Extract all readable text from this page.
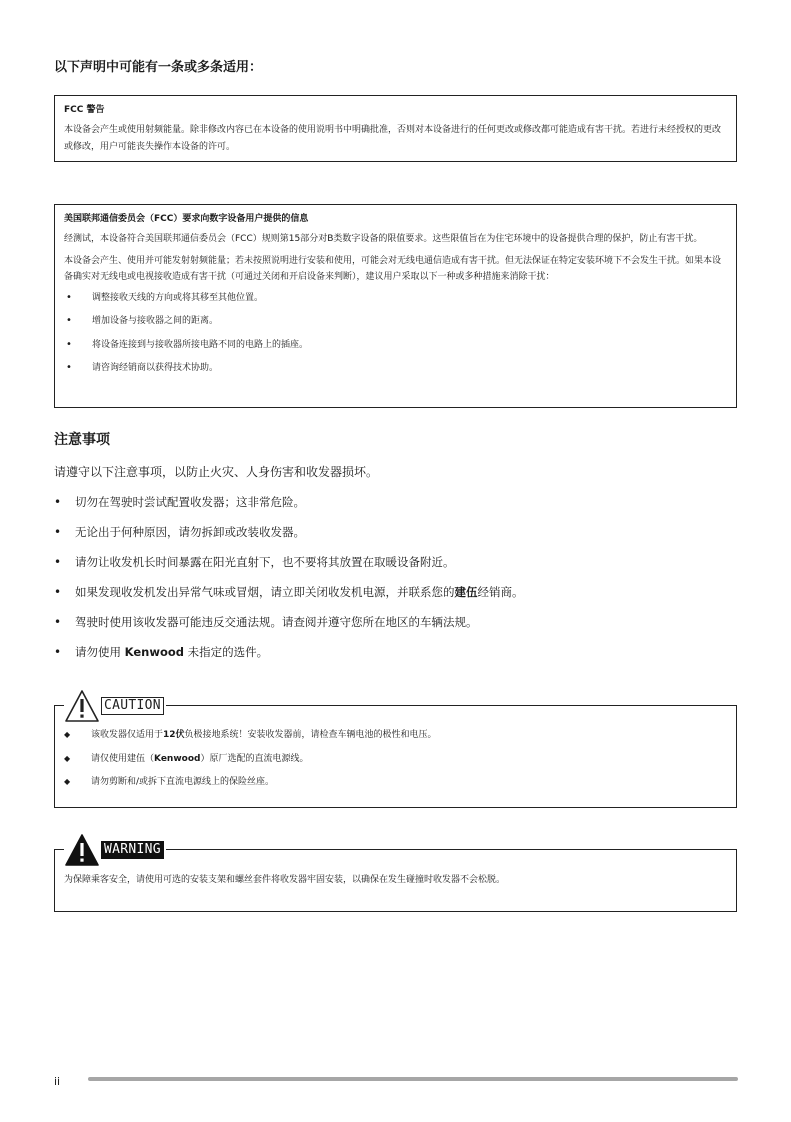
以下声明中可能有一条或多条适用：
FCC 警告
本设备会产生或使用射频能量。除非修改内容已在本设备的使用说明书中明确批准，否则对本设备进行的任何更改或修改都可能造成有害干扰。若进行未经授权的更改或修改，用户可能丧失操作本设备的许可。
美国联邦通信委员会（FCC）要求向数字设备用户提供的信息
经测试，本设备符合美国联邦通信委员会（FCC）规则第15部分对B类数字设备的限值要求。这些限值旨在为住宅环境中的设备提供合理的保护，防止有害干扰。
本设备会产生、使用并可能发射射频能量；若未按照说明进行安装和使用，可能会对无线电通信造成有害干扰。但无法保证在特定安装环境下不会发生干扰。如果本设备确实对无线电或电视接收造成有害干扰（可通过关闭和开启设备来判断），建议用户采取以下一种或多种措施来消除干扰：
• 调整接收天线的方向或将其移至其他位置。
• 增加设备与接收器之间的距离。
• 将设备连接到与接收器所接电路不同的电路上的插座。
• 请咨询经销商以获得技术协助。
注意事项
请遵守以下注意事项，以防止火灾、人身伤害和收发器损坏。
• 切勿在驾驶时尝试配置收发器；这非常危险。
• 无论出于何种原因，请勿拆卸或改装收发器。
• 请勿让收发机长时间暴露在阳光直射下，也不要将其放置在取暖设备附近。
• 如果发现收发机发出异常气味或冒烟，请立即关闭收发机电源，并联系您的建伍经销商。
• 驾驶时使用该收发器可能违反交通法规。请查阅并遵守您所在地区的车辆法规。
• 请勿使用 Kenwood 未指定的选件。
CAUTION
◆ 该收发器仅适用于12伏负极接地系统！安装收发器前，请检查车辆电池的极性和电压。
◆ 请仅使用建伍（Kenwood）原厂选配的直流电源线。
◆ 请勿剪断和/或拆下直流电源线上的保险丝座。
WARNING
为保障乘客安全，请使用可选的安装支架和螺丝套件将收发器牢固安装，以确保在发生碰撞时收发器不会松脱。
ii
